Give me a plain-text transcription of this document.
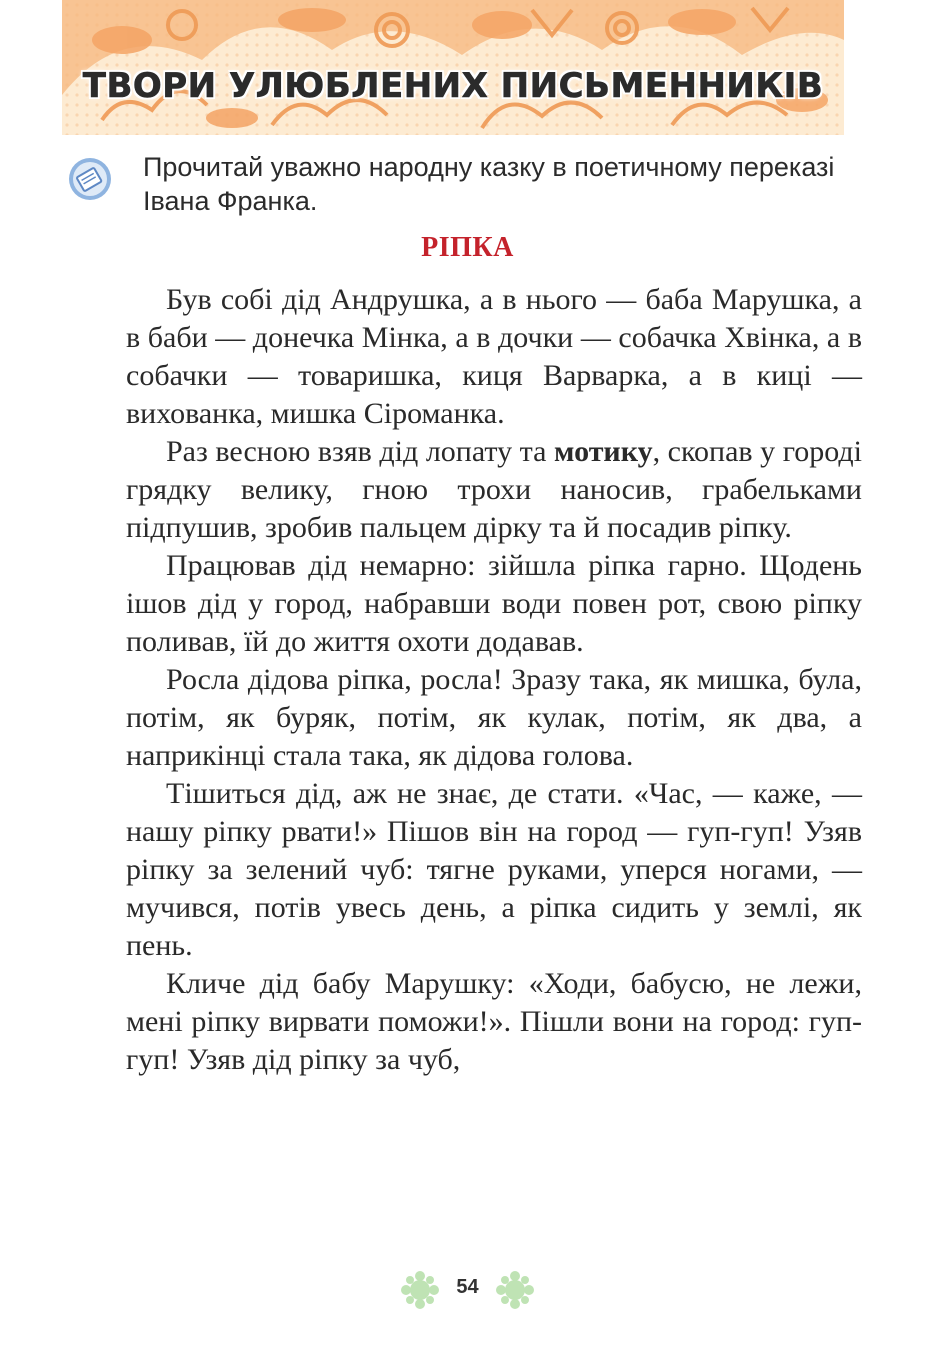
ТВОРИ УЛЮБЛЕНИХ ПИСЬМЕННИКІВ

Прочитай уважно народну казку в поетичному переказі Івана Франка.

РІПКА

Був собі дід Андрушка, а в нього — баба Марушка, а в баби — донечка Мінка, а в дочки — собачка Хвінка, а в собачки — товаришка, киця Варварка, а в киці — вихованка, мишка Сіроманка.

Раз весною взяв дід лопату та мотику, скопав у городі грядку велику, гною трохи наносив, грабельками підпушив, зробив пальцем дірку та й посадив ріпку.

Працював дід немарно: зійшла ріпка гарно. Щодень ішов дід у город, набравши води повен рот, свою ріпку поливав, їй до життя охоти додавав.

Росла дідова ріпка, росла! Зразу така, як мишка, була, потім, як буряк, потім, як кулак, потім, як два, а наприкінці стала така, як дідова голова.

Тішиться дід, аж не знає, де стати. «Час, — каже, — нашу ріпку рвати!» Пішов він на город — гуп-гуп! Узяв ріпку за зелений чуб: тягне руками, уперся ногами, — мучився, потів увесь день, а ріпка сидить у землі, як пень.

Кличе дід бабу Марушку: «Ходи, бабусю, не лежи, мені ріпку вирвати поможи!». Пішли вони на город: гуп-гуп! Узяв дід ріпку за чуб,

54
